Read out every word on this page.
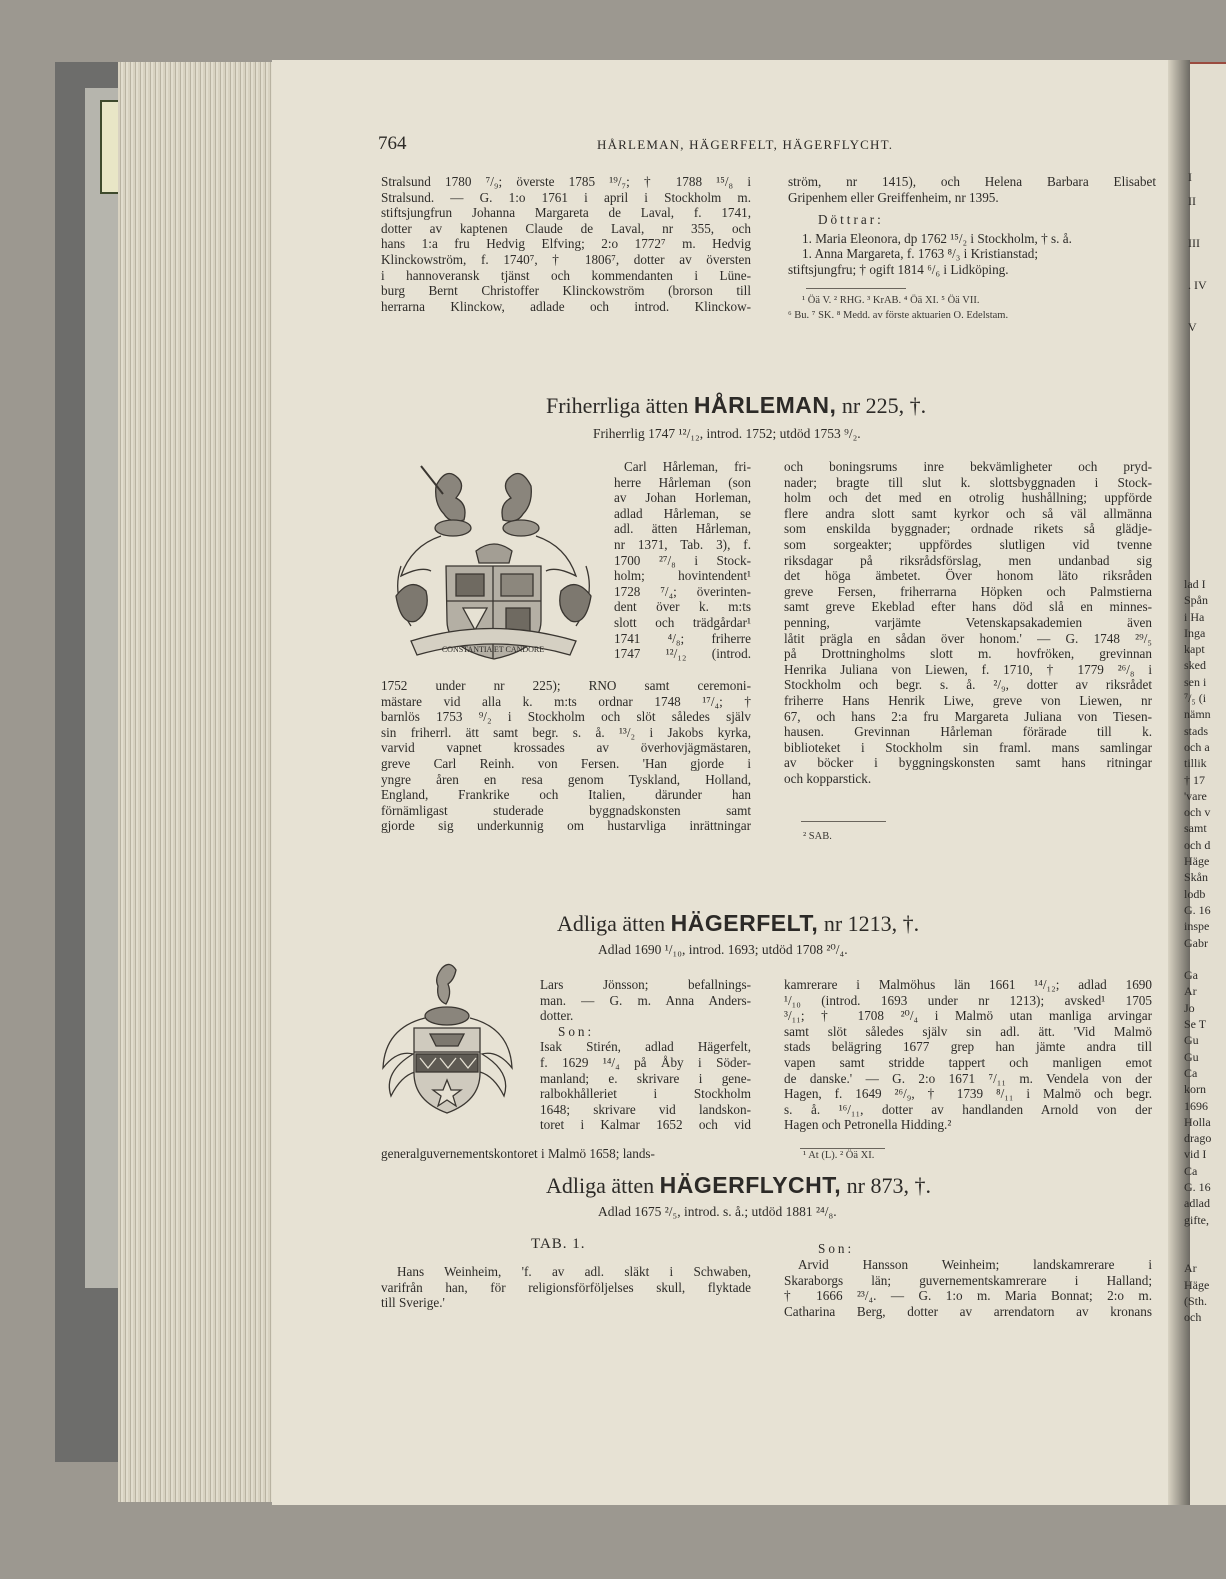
764	HÅRLEMAN, HÄGERFELT, HÄGERFLYCHT.

Stralsund 1780 ⁷/₉; överste 1785 ¹⁹/₇; † 1788 ¹⁵/₈ i

Stralsund. — G. 1:o 1761 i april i Stockholm m.

stiftsjungfrun Johanna Margareta de Laval, f. 1741,

dotter av kaptenen Claude de Laval, nr 355, och

hans 1:a fru Hedvig Elfving; 2:o 1772⁷ m. Hedvig

Klinckowström, f. 1740⁷, † 1806⁷, dotter av översten

i hannoveransk tjänst och kommendanten i Lüne-

burg Bernt Christoffer Klinckowström (brorson till

herrarna Klinckow, adlade och introd. Klinckow-

ström, nr 1415), och Helena Barbara Elisabet

Gripenhem eller Greiffenheim, nr 1395.

Döttrar:

1. Maria Eleonora, dp 1762 ¹⁵/₂ i Stockholm, † s. å.

1. Anna Margareta, f. 1763 ⁸/₃ i Kristianstad;

stiftsjungfru; † ogift 1814 ⁶/₆ i Lidköping.

¹ Öä V. ² RHG. ³ KrAB. ⁴ Öä XI. ⁵ Öä VII.

⁶ Bu. ⁷ SK. ⁸ Medd. av förste aktuarien O. Edelstam.

Friherrliga ätten HÅRLEMAN, nr 225, †.
Friherrlig 1747 ¹²/₁₂, introd. 1752; utdöd 1753 ⁹/₂.
CONSTANTIA ET CANDORE

Carl Hårleman, fri-

herre Hårleman (son

av Johan Horleman,

adlad Hårleman, se

adl. ätten Hårleman,

nr 1371, Tab. 3), f.

1700 ²⁷/₈ i Stock-

holm; hovintendent¹

1728 ⁷/₄; överinten-

dent över k. m:ts

slott och trädgårdar¹

1741 ⁴/₈; friherre

1747 ¹²/₁₂ (introd.

1752 under nr 225); RNO samt ceremoni-

mästare vid alla k. m:ts ordnar 1748 ¹⁷/₄; †

barnlös 1753 ⁹/₂ i Stockholm och slöt således själv

sin friherrl. ätt samt begr. s. å. ¹³/₂ i Jakobs kyrka,

varvid vapnet krossades av överhovjägmästaren,

greve Carl Reinh. von Fersen. 'Han gjorde i

yngre åren en resa genom Tyskland, Holland,

England, Frankrike och Italien, därunder han

förnämligast studerade byggnadskonsten samt

gjorde sig underkunnig om hustarvliga inrättningar

och boningsrums inre bekvämligheter och pryd-

nader; bragte till slut k. slottsbyggnaden i Stock-

holm och det med en otrolig hushållning; uppförde

flere andra slott samt kyrkor och så väl allmänna

som enskilda byggnader; ordnade rikets så glädje-

som sorgeakter; uppfördes slutligen vid tvenne

riksdagar på riksrådsförslag, men undanbad sig

det höga ämbetet. Över honom läto riksråden

greve Fersen, friherrarna Höpken och Palmstierna

samt greve Ekeblad efter hans död slå en minnes-

penning, varjämte Vetenskapsakademien även

låtit prägla en sådan över honom.' — G. 1748 ²⁹/₅

på Drottningholms slott m. hovfröken, grevinnan

Henrika Juliana von Liewen, f. 1710, † 1779 ²⁶/₈ i

Stockholm och begr. s. å. ²/₉, dotter av riksrådet

friherre Hans Henrik Liwe, greve von Liewen, nr

67, och hans 2:a fru Margareta Juliana von Tiesen-

hausen. Grevinnan Hårleman förärade till k.

biblioteket i Stockholm sin framl. mans samlingar

av böcker i byggningskonsten samt hans ritningar

och kopparstick.

² SAB.
Adliga ätten HÄGERFELT, nr 1213, †.
Adlad 1690 ¹/₁₀, introd. 1693; utdöd 1708 ²⁰/₄.

Lars Jönsson; befallnings-

man. — G. m. Anna Anders-

dotter.

Son:

Isak Stirén, adlad Hägerfelt,

f. 1629 ¹⁴/₄ på Åby i Söder-

manland; e. skrivare i gene-

ralbokhålleriet i Stockholm

1648; skrivare vid landskon-

toret i Kalmar 1652 och vid

generalguvernementskontoret i Malmö 1658; lands-

kamrerare i Malmöhus län 1661 ¹⁴/₁₂; adlad 1690

¹/₁₀ (introd. 1693 under nr 1213); avsked¹ 1705

³/₁₁; † 1708 ²⁰/₄ i Malmö utan manliga arvingar

samt slöt således själv sin adl. ätt. 'Vid Malmö

stads belägring 1677 grep han jämte andra till

vapen samt stridde tappert och manligen emot

de danske.' — G. 2:o 1671 ⁷/₁₁ m. Vendela von der

Hagen, f. 1649 ²⁶/₉, † 1739 ⁸/₁₁ i Malmö och begr.

s. å. ¹⁶/₁₁, dotter av handlanden Arnold von der

Hagen och Petronella Hidding.²

¹ At (L). ² Öä XI.
Adliga ätten HÄGERFLYCHT, nr 873, †.
Adlad 1675 ²/₅, introd. s. å.; utdöd 1881 ²⁴/₈.
TAB. 1.

Hans Weinheim, 'f. av adl. släkt i Schwaben,

varifrån han, för religionsförföljelses skull, flyktade

till Sverige.'

Son:

Arvid Hansson Weinheim; landskamrerare i

Skaraborgs län; guvernementskamrerare i Halland;

† 1666 ²³/₄. — G. 1:o m. Maria Bonnat; 2:o m.

Catharina Berg, dotter av arrendatorn av kronans

I
II
III
. IV
V
lad I
Spån
i Ha
Inga
kapt
sked
sen i
⁷/₅ (i
nämn
stads
och a
tillik
† 17
'vare
och v
samt
och d
Häge
Skån
lodb
G. 16
inspe
Gabr
Ga
Ar
Jo
Se T
Gu
Gu
Ca
korn
1696
Holla
drago
vid I
Ca
G. 16
adlad
gifte,
Ar
Häge
(Sth.
och
